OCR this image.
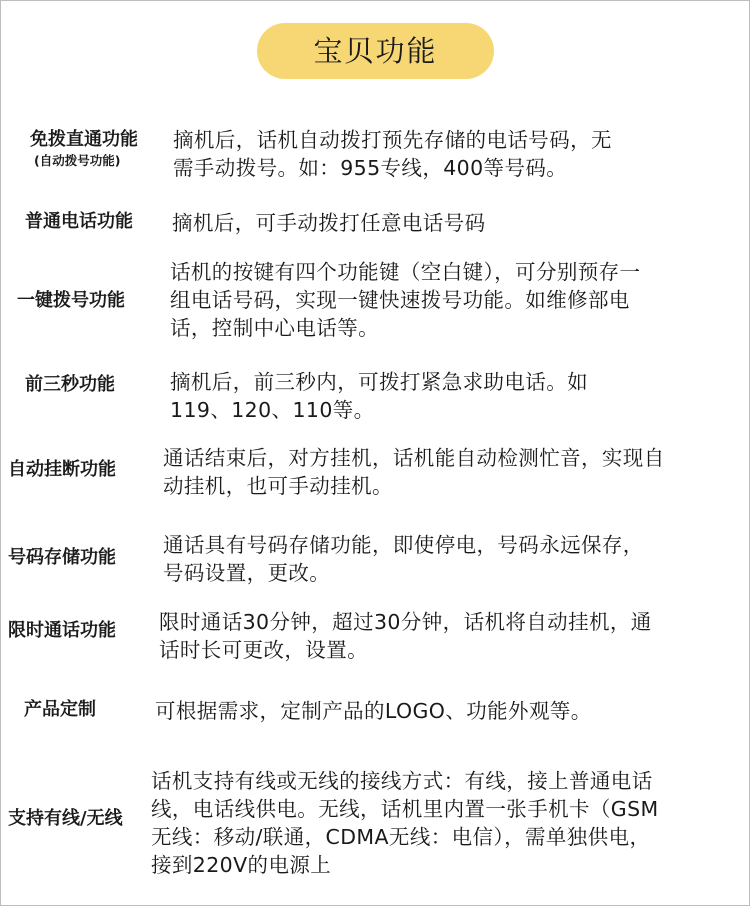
宝贝功能
免拨直通功能
(自动拨号功能)
摘机后，话机自动拨打预先存储的电话号码，无
需手动拨号。如：955专线，400等号码。
普通电话功能 摘机后，可手动拨打任意电话号码
一键拨号功能
话机的按键有四个功能键（空白键），可分别预存一
组电话号码，实现一键快速拨号功能。如维修部电
话，控制中心电话等。
前三秒功能	摘机后，前三秒内，可拨打紧急求助电话。如
119、120、110等。
自动挂断功能 通话结束后，对方挂机，话机能自动检测忙音，实现自
动挂机，也可手动挂机。
号码存储功能
通话具有号码存储功能，即使停电，号码永远保存，
号码设置，更改。
限时通话功能 限时通话30分钟，超过30分钟，话机将自动挂机，通
话时长可更改，设置。
产品定制	可根据需求，定制产品的LOGO、功能外观等。
支持有线/无线
话机支持有线或无线的接线方式：有线，接上普通电话
线，电话线供电。无线，话机里内置一张手机卡（GSM
无线：移动/联通，CDMA无线：电信），需单独供电，
接到220V的电源上
